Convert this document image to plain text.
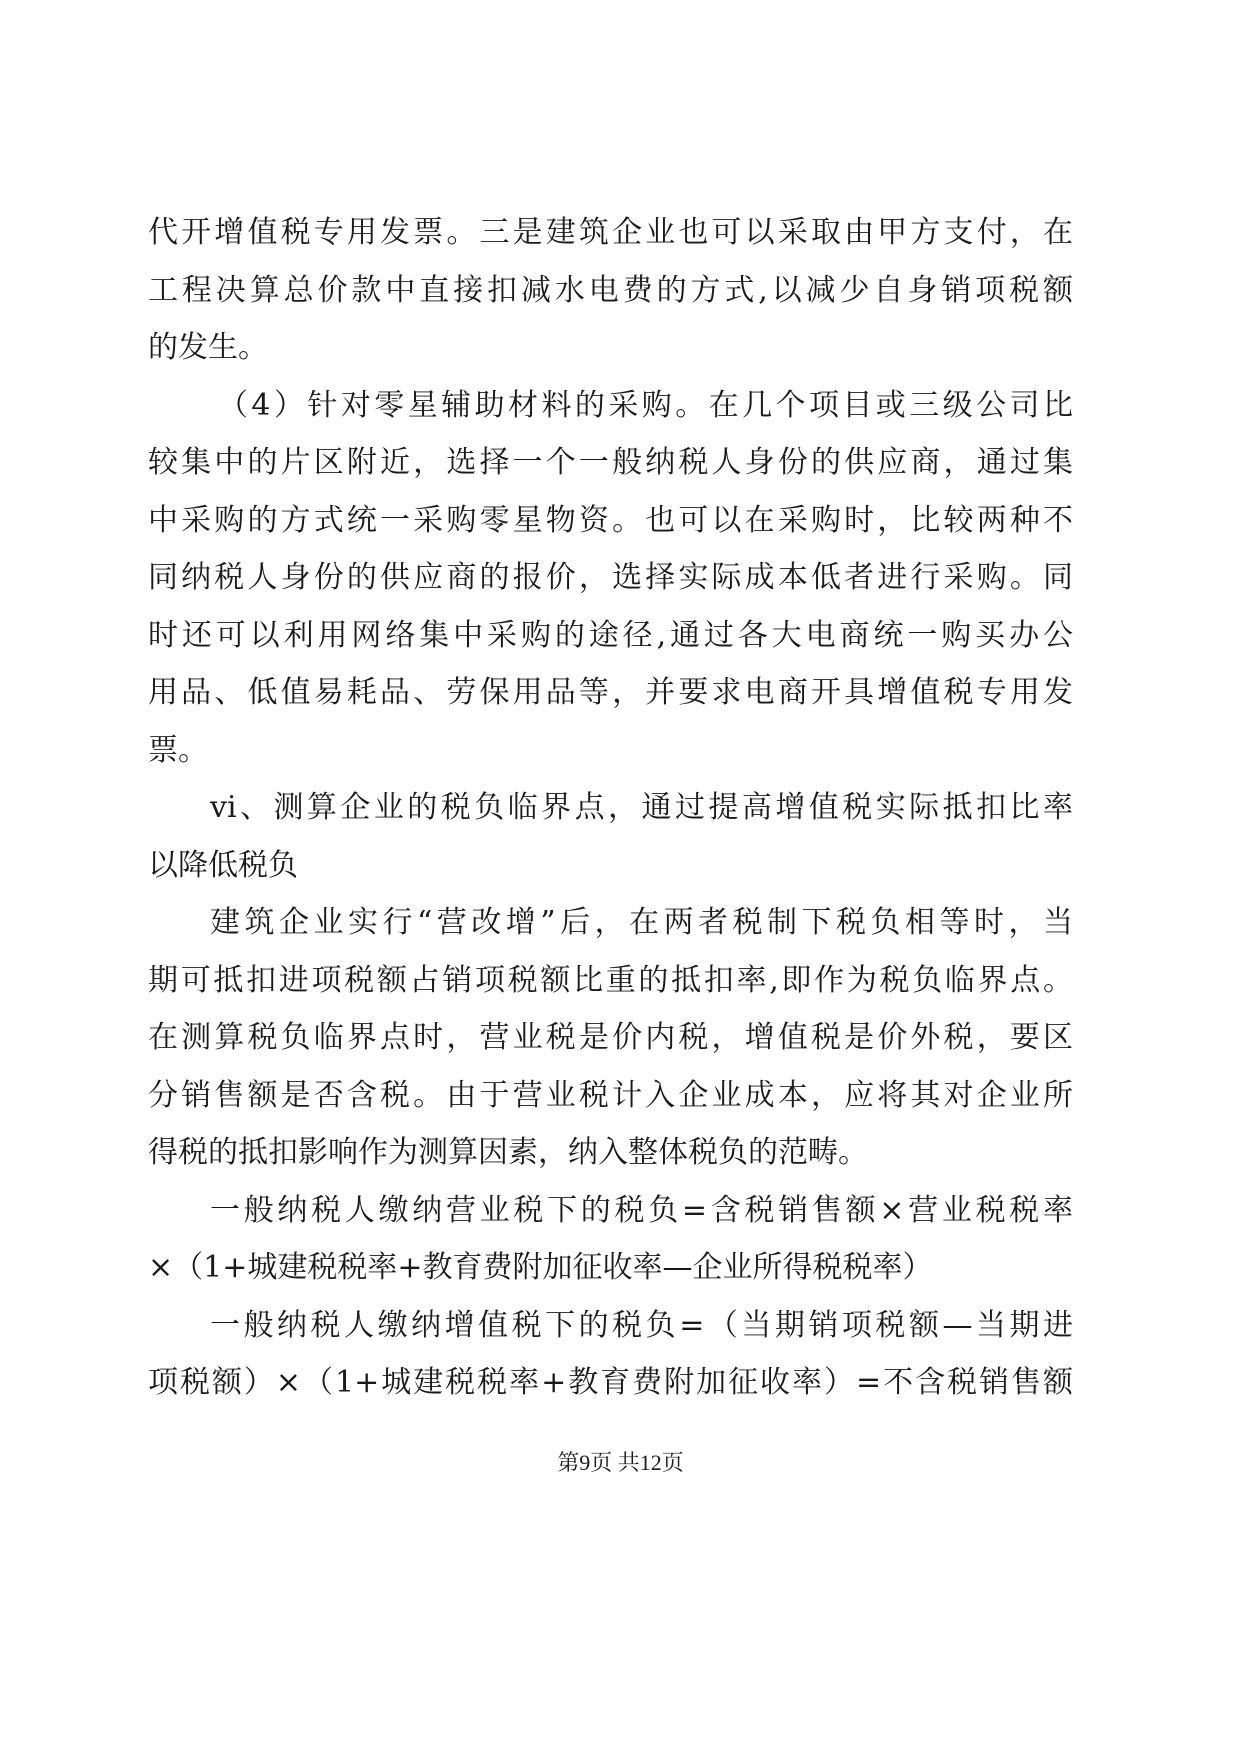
代开增值税专用发票。三是建筑企业也可以采取由甲方支付，在
工程决算总价款中直接扣减水电费的方式,以减少自身销项税额
的发生。
（4）针对零星辅助材料的采购。在几个项目或三级公司比
较集中的片区附近，选择一个一般纳税人身份的供应商，通过集
中采购的方式统一采购零星物资。也可以在采购时，比较两种不
同纳税人身份的供应商的报价，选择实际成本低者进行采购。同
时还可以利用网络集中采购的途径,通过各大电商统一购买办公
用品、低值易耗品、劳保用品等，并要求电商开具增值税专用发
票。
vi、测算企业的税负临界点，通过提高增值税实际抵扣比率
以降低税负
建筑企业实行“营改增”后，在两者税制下税负相等时，当
期可抵扣进项税额占销项税额比重的抵扣率,即作为税负临界点。
在测算税负临界点时，营业税是价内税，增值税是价外税，要区
分销售额是否含税。由于营业税计入企业成本，应将其对企业所
得税的抵扣影响作为测算因素，纳入整体税负的范畴。
一般纳税人缴纳营业税下的税负=含税销售额×营业税税率
×（1+城建税税率+教育费附加征收率—企业所得税税率）
一般纳税人缴纳增值税下的税负=（当期销项税额—当期进
项税额）×（1+城建税税率+教育费附加征收率）=不含税销售额
第9页 共12页
